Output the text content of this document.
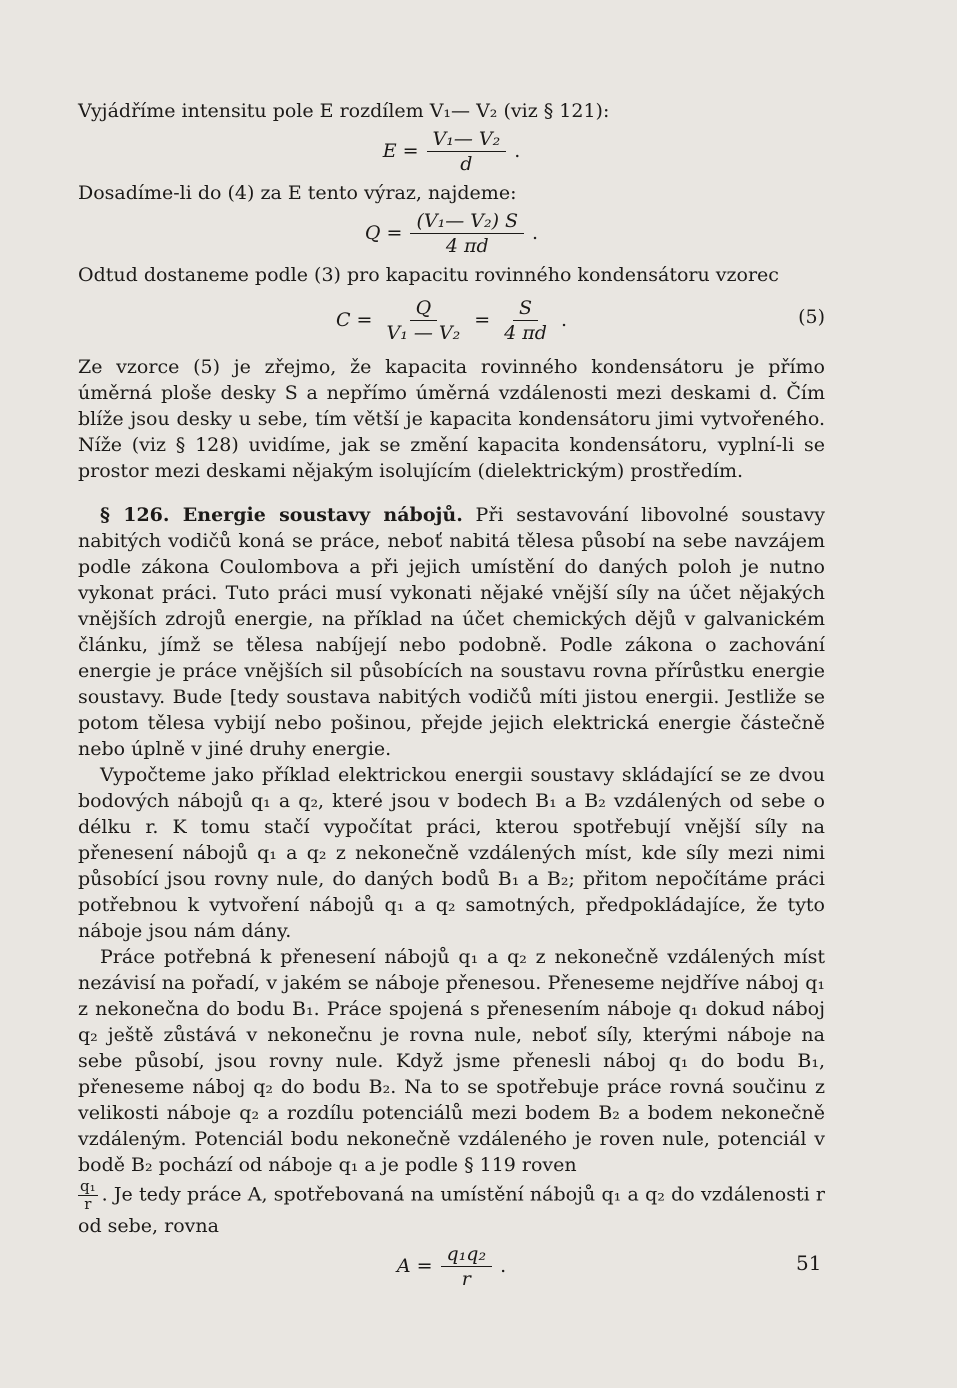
Vyjádříme intensitu pole E rozdílem V₁— V₂ (viz § 121):

$E = \frac{\text{V₁— V₂}}{d}$ .

Dosadíme-li do (4) za E tento výraz, najdeme:

$Q = \frac{\text{(V₁— V₂) S}}{4 \pi d}$ .

Odtud dostaneme podle (3) pro kapacitu rovinného kondensátoru vzorec

$C = \frac{Q}{\text{V₁ — V₂}} = \frac{S}{4 \pi d}$ .	(5)

Ze vzorce (5) je zřejmo, že kapacita rovinného kondensátoru je přímo úměrná ploše desky S a nepřímo úměrná vzdálenosti mezi deskami d. Čím blíže jsou desky u sebe, tím větší je kapacita kondensátoru jimi vytvořeného. Níže (viz § 128) uvidíme, jak se změní kapacita kondensátoru, vyplní-li se prostor mezi deskami nějakým isolujícím (dielektrickým) prostředím.

§ 126. Energie soustavy nábojů. Při sestavování libovolné soustavy nabitých vodičů koná se práce, neboť nabitá tělesa působí na sebe navzájem podle zákona Coulombova a při jejich umístění do daných poloh je nutno vykonat práci. Tuto práci musí vykonati nějaké vnější síly na účet nějakých vnějších zdrojů energie, na příklad na účet chemických dějů v galvanickém článku, jímž se tělesa nabíjejí nebo podobně. Podle zákona o zachování energie je práce vnějších sil působících na soustavu rovna přírůstku energie soustavy. Bude [tedy soustava nabitých vodičů míti jistou energii. Jestliže se potom tělesa vybijí nebo pošinou, přejde jejich elektrická energie částečně nebo úplně v jiné druhy energie.

Vypočteme jako příklad elektrickou energii soustavy skládající se ze dvou bodových nábojů q₁ a q₂, které jsou v bodech B₁ a B₂ vzdálených od sebe o délku r. K tomu stačí vypočítat práci, kterou spotřebují vnější síly na přenesení nábojů q₁ a q₂ z nekonečně vzdálených míst, kde síly mezi nimi působící jsou rovny nule, do daných bodů B₁ a B₂; přitom nepočítáme práci potřebnou k vytvoření nábojů q₁ a q₂ samotných, předpokládajíce, že tyto náboje jsou nám dány.

Práce potřebná k přenesení nábojů q₁ a q₂ z nekonečně vzdálených míst nezávisí na pořadí, v jakém se náboje přenesou. Přeneseme nejdříve náboj q₁ z nekonečna do bodu B₁. Práce spojená s přenesením náboje q₁ dokud náboj q₂ ještě zůstává v nekonečnu je rovna nule, neboť síly, kterými náboje na sebe působí, jsou rovny nule. Když jsme přenesli náboj q₁ do bodu B₁, přeneseme náboj q₂ do bodu B₂. Na to se spotřebuje práce rovná součinu z velikosti náboje q₂ a rozdílu potenciálů mezi bodem B₂ a bodem nekonečně vzdáleným. Potenciál bodu nekonečně vzdáleného je roven nule, potenciál v bodě B₂ pochází od náboje q₁ a je podle § 119 roven

$\frac{\text{q₁}}{r}$ . Je tedy práce A, spotřebovaná na umístění nábojů q₁ a q₂ do vzdálenosti r od sebe, rovna

$A = \frac{\text{q₁q₂}}{r}$ .	51
